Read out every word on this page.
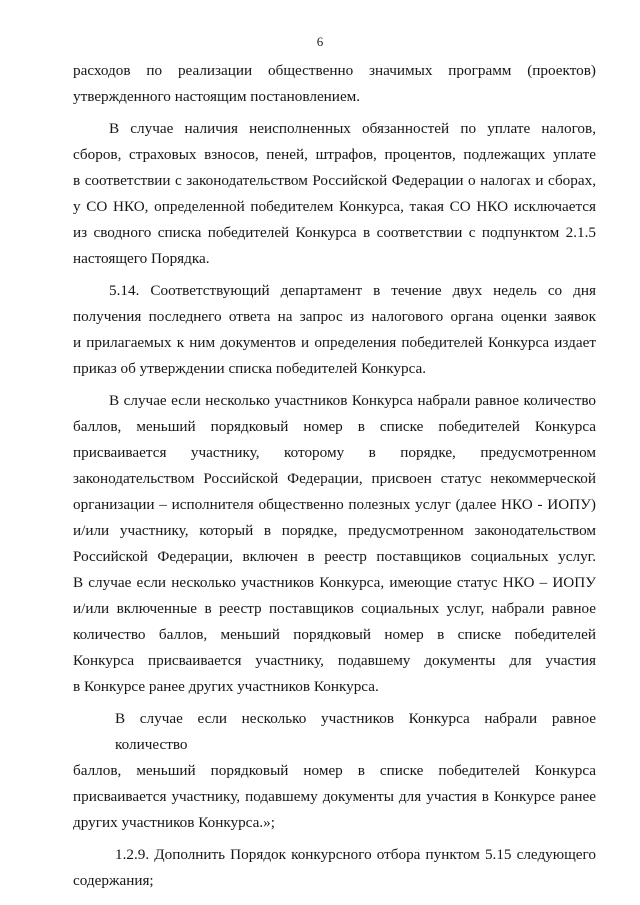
6
расходов по реализации общественно значимых программ (проектов)
утвержденного настоящим постановлением.
В случае наличия неисполненных обязанностей по уплате налогов,
сборов, страховых взносов, пеней, штрафов, процентов, подлежащих уплате
в соответствии с законодательством Российской Федерации о налогах и сборах,
у СО НКО, определенной победителем Конкурса, такая СО НКО исключается
из сводного списка победителей Конкурса в соответствии с подпунктом 2.1.5
настоящего Порядка.
5.14. Соответствующий департамент в течение двух недель со дня
получения последнего ответа на запрос из налогового органа оценки заявок
и прилагаемых к ним документов и определения победителей Конкурса издает
приказ об утверждении списка победителей Конкурса.
В случае если несколько участников Конкурса набрали равное количество
баллов, меньший порядковый номер в списке победителей Конкурса
присваивается участнику, которому в порядке, предусмотренном
законодательством Российской Федерации, присвоен статус некоммерческой
организации – исполнителя общественно полезных услуг (далее НКО - ИОПУ)
и/или участнику, который в порядке, предусмотренном законодательством
Российской Федерации, включен в реестр поставщиков социальных услуг.
В случае если несколько участников Конкурса, имеющие статус НКО – ИОПУ
и/или включенные в реестр поставщиков социальных услуг, набрали равное
количество баллов, меньший порядковый номер в списке победителей
Конкурса присваивается участнику, подавшему документы для участия
в Конкурсе ранее других участников Конкурса.
В случае если несколько участников Конкурса набрали равное количество
баллов, меньший порядковый номер в списке победителей Конкурса
присваивается участнику, подавшему документы для участия в Конкурсе ранее
других участников Конкурса.»;
1.2.9. Дополнить Порядок конкурсного отбора пунктом 5.15 следующего
содержания;
